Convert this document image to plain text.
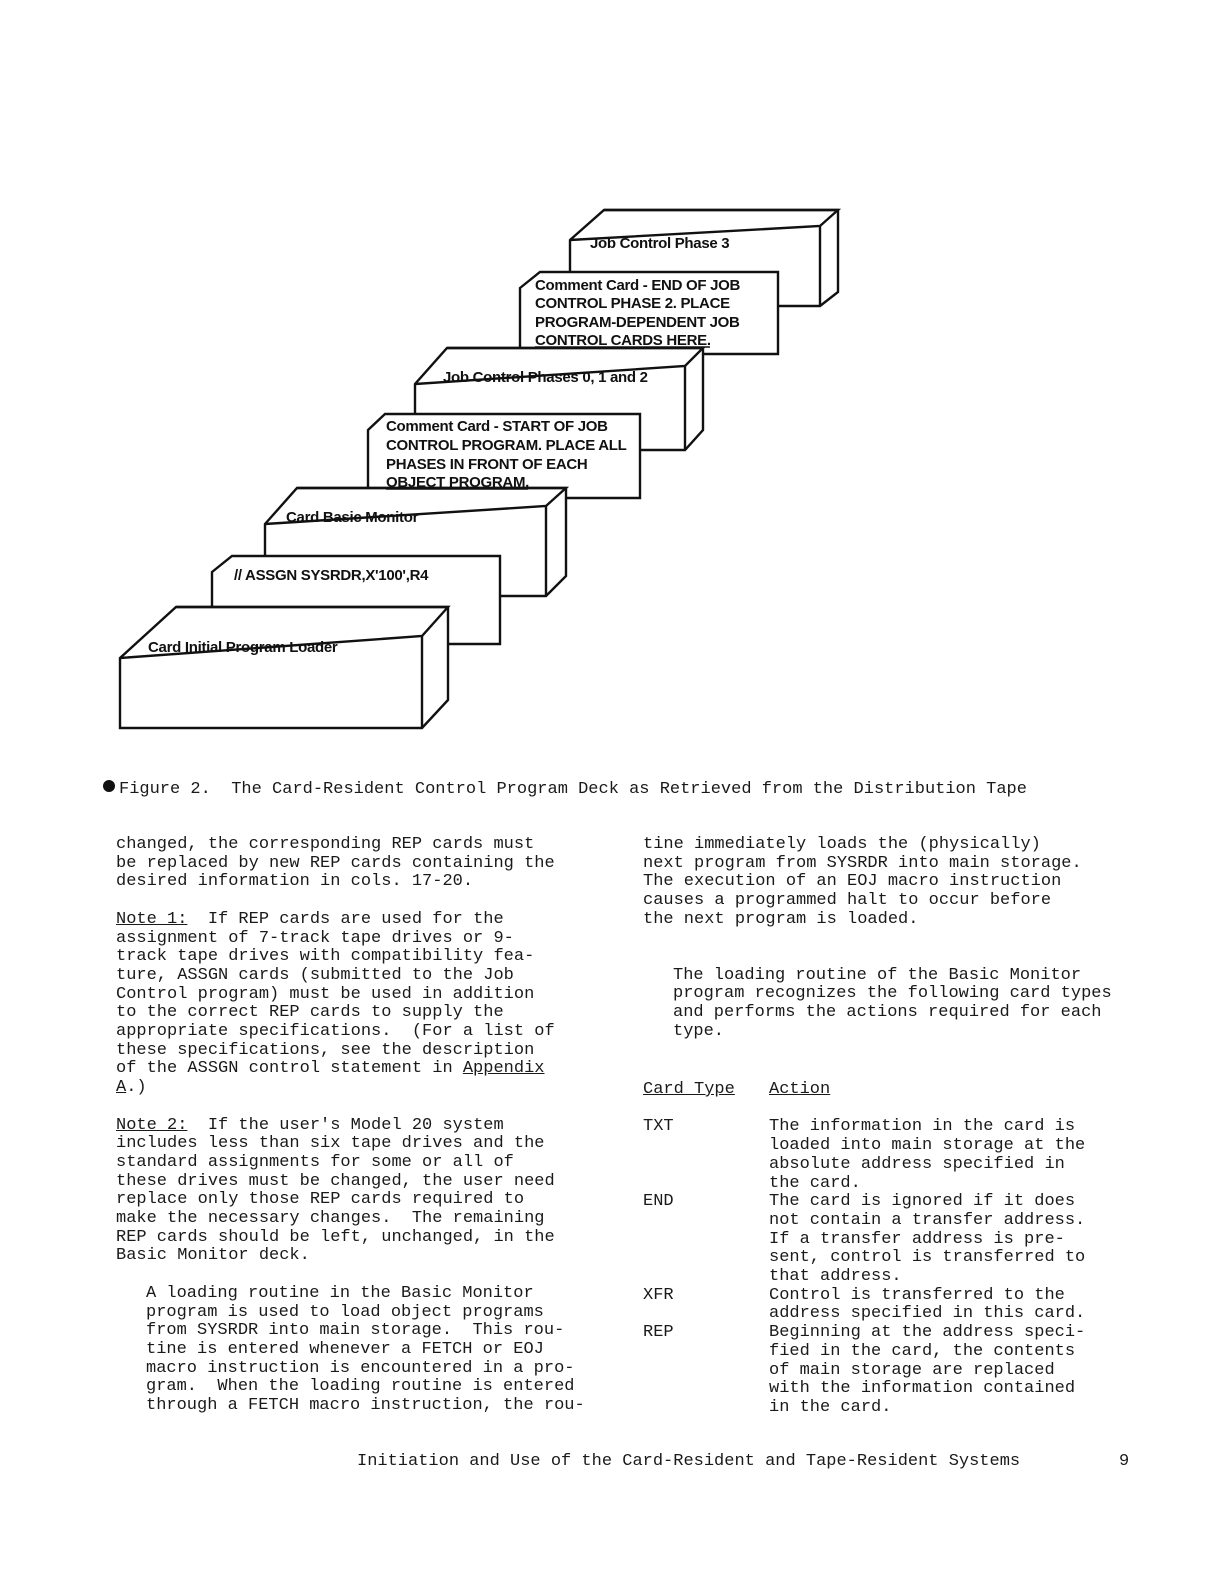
Card Initial Program Loader
// ASSGN SYSRDR,X'100',R4
Card Basic Monitor
Comment Card - START OF JOB
CONTROL PROGRAM. PLACE ALL
PHASES IN FRONT OF EACH
OBJECT PROGRAM.
Job Control Phases 0, 1 and 2
Comment Card - END OF JOB
CONTROL PHASE 2. PLACE
PROGRAM-DEPENDENT JOB
CONTROL CARDS HERE.
Job Control Phase 3
Figure 2. The Card-Resident Control Program Deck as Retrieved from the Distribution Tape

changed, the corresponding REP cards must
be replaced by new REP cards containing the
desired information in cols. 17-20.

Note 1:  If REP cards are used for the
assignment of 7-track tape drives or 9-
track tape drives with compatibility fea-
ture, ASSGN cards (submitted to the Job
Control program) must be used in addition
to the correct REP cards to supply the
appropriate specifications.  (For a list of
these specifications, see the description
of the ASSGN control statement in Appendix
A.)

Note 2:  If the user's Model 20 system
includes less than six tape drives and the
standard assignments for some or all of
these drives must be changed, the user need
replace only those REP cards required to
make the necessary changes.  The remaining
REP cards should be left, unchanged, in the
Basic Monitor deck.

A loading routine in the Basic Monitor
program is used to load object programs
from SYSRDR into main storage.  This rou-
tine is entered whenever a FETCH or EOJ
macro instruction is encountered in a pro-
gram.  When the loading routine is entered
through a FETCH macro instruction, the rou-

tine immediately loads the (physically)
next program from SYSRDR into main storage.
The execution of an EOJ macro instruction
causes a programmed halt to occur before
the next program is loaded.

The loading routine of the Basic Monitor
program recognizes the following card types
and performs the actions required for each
type.

Card Type	Action
TXT	The information in the card is
loaded into main storage at the
absolute address specified in
the card.
END	The card is ignored if it does
not contain a transfer address.
If a transfer address is pre-
sent, control is transferred to
that address.
XFR	Control is transferred to the
address specified in this card.
REP	Beginning at the address speci-
fied in the card, the contents
of main storage are replaced
with the information contained
in the card.
Initiation and Use of the Card-Resident and Tape-Resident Systems	9
